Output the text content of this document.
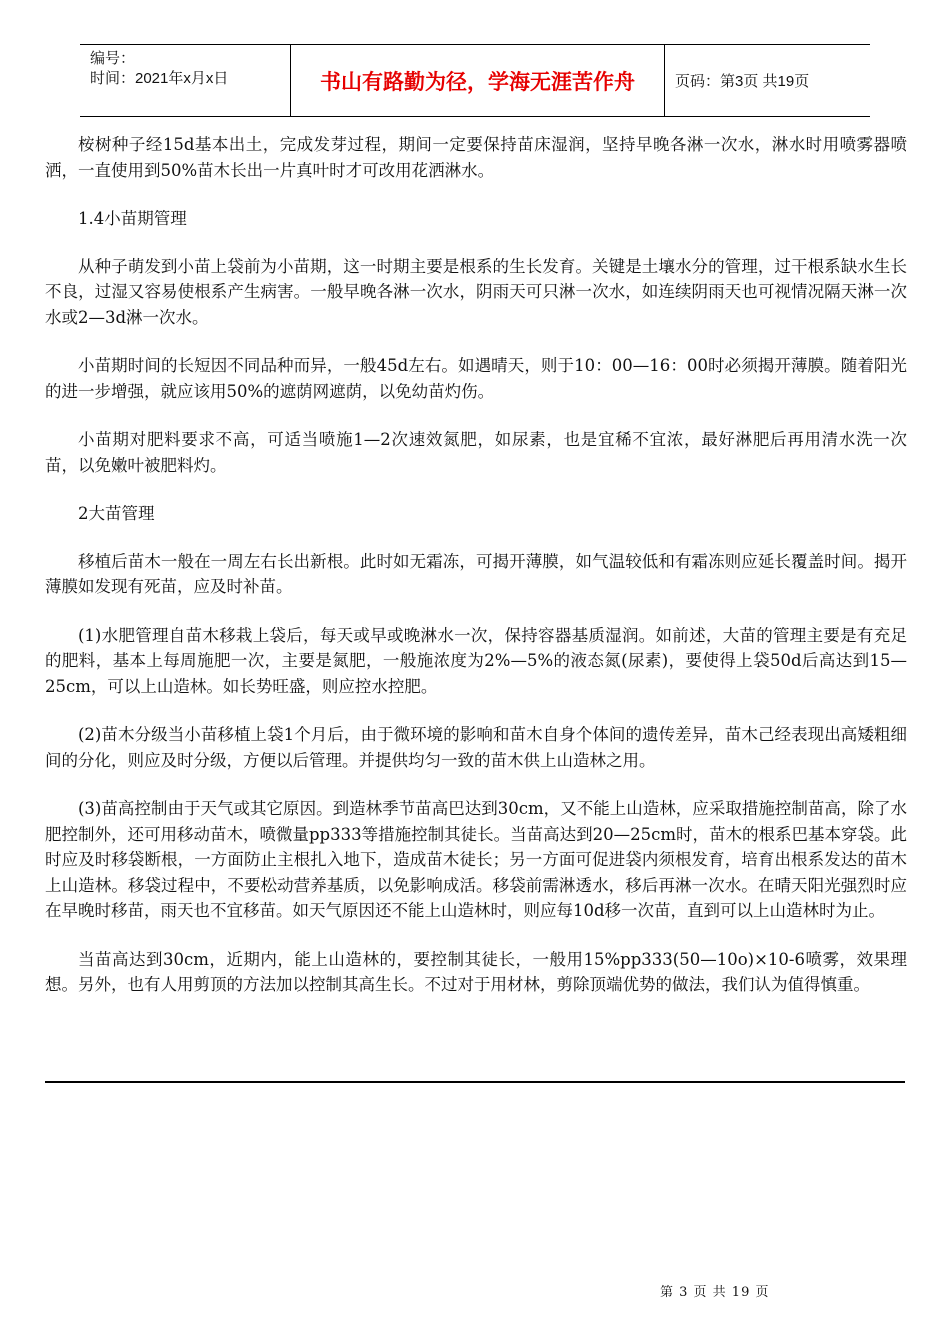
编号：
时间：2021年x月x日	书山有路勤为径，学海无涯苦作舟	页码：第3页 共19页

桉树种子经15d基本出土，完成发芽过程，期间一定要保持苗床湿润，坚持早晚各淋一次水，淋水时用喷雾器喷洒，一直使用到50%苗木长出一片真叶时才可改用花洒淋水。

1.4小苗期管理

从种子萌发到小苗上袋前为小苗期，这一时期主要是根系的生长发育。关键是土壤水分的管理，过干根系缺水生长不良，过湿又容易使根系产生病害。一般早晚各淋一次水，阴雨天可只淋一次水，如连续阴雨天也可视情况隔天淋一次水或2—3d淋一次水。

小苗期时间的长短因不同品种而异，一般45d左右。如遇晴天，则于10：00—16：00时必须揭开薄膜。随着阳光的进一步增强，就应该用50%的遮荫网遮荫，以免幼苗灼伤。

小苗期对肥料要求不高，可适当喷施1—2次速效氮肥，如尿素，也是宜稀不宜浓，最好淋肥后再用清水洗一次苗，以免嫩叶被肥料灼。

2大苗管理

移植后苗木一般在一周左右长出新根。此时如无霜冻，可揭开薄膜，如气温较低和有霜冻则应延长覆盖时间。揭开薄膜如发现有死苗，应及时补苗。

(1)水肥管理自苗木移栽上袋后，每天或早或晚淋水一次，保持容器基质湿润。如前述，大苗的管理主要是有充足的肥料，基本上每周施肥一次，主要是氮肥，一般施浓度为2%—5%的液态氮(尿素)，要使得上袋50d后高达到15—25cm，可以上山造林。如长势旺盛，则应控水控肥。

(2)苗木分级当小苗移植上袋1个月后，由于微环境的影响和苗木自身个体间的遗传差异，苗木己经表现出高矮粗细间的分化，则应及时分级，方便以后管理。并提供均匀一致的苗木供上山造林之用。

(3)苗高控制由于天气或其它原因。到造林季节苗高巴达到30cm，又不能上山造林，应采取措施控制苗高，除了水肥控制外，还可用移动苗木，喷微量pp333等措施控制其徒长。当苗高达到20—25cm时，苗木的根系巴基本穿袋。此时应及时移袋断根，一方面防止主根扎入地下，造成苗木徒长；另一方面可促进袋内须根发育，培育出根系发达的苗木上山造林。移袋过程中，不要松动营养基质，以免影响成活。移袋前需淋透水，移后再淋一次水。在晴天阳光强烈时应在早晚时移苗，雨天也不宜移苗。如天气原因还不能上山造林时，则应每10d移一次苗，直到可以上山造林时为止。

当苗高达到30cm，近期内，能上山造林的，要控制其徒长，一般用15%pp333(50—10o)×10-6喷雾，效果理想。另外，也有人用剪顶的方法加以控制其高生长。不过对于用材林，剪除顶端优势的做法，我们认为值得慎重。

第 3 页 共 19 页
